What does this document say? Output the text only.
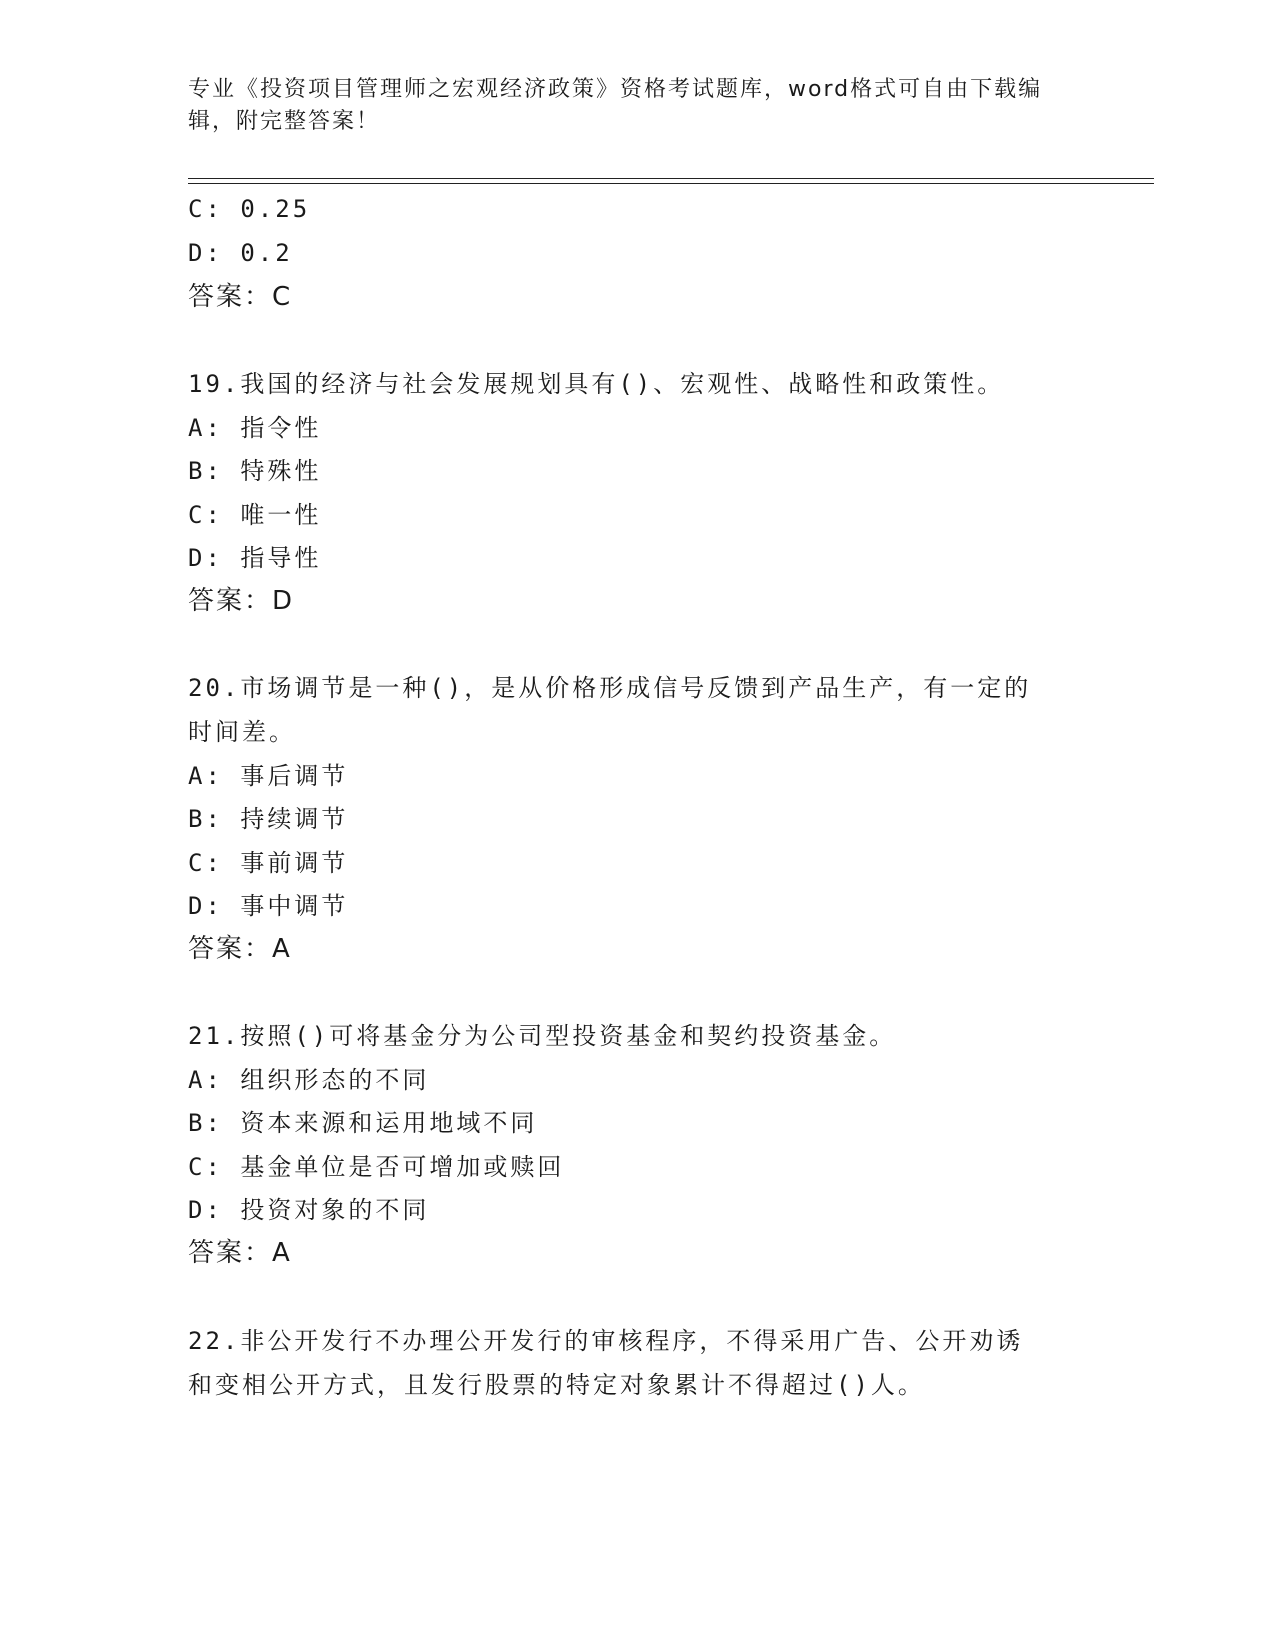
专业《投资项目管理师之宏观经济政策》资格考试题库，word格式可自由下载编
辑，附完整答案！
C: 0.25
D: 0.2
答案：C
19.我国的经济与社会发展规划具有()、宏观性、战略性和政策性。
A: 指令性
B: 特殊性
C: 唯一性
D: 指导性
答案：D
20.市场调节是一种()，是从价格形成信号反馈到产品生产，有一定的
时间差。
A: 事后调节
B: 持续调节
C: 事前调节
D: 事中调节
答案：A
21.按照()可将基金分为公司型投资基金和契约投资基金。
A: 组织形态的不同
B: 资本来源和运用地域不同
C: 基金单位是否可增加或赎回
D: 投资对象的不同
答案：A
22.非公开发行不办理公开发行的审核程序，不得采用广告、公开劝诱
和变相公开方式，且发行股票的特定对象累计不得超过()人。
